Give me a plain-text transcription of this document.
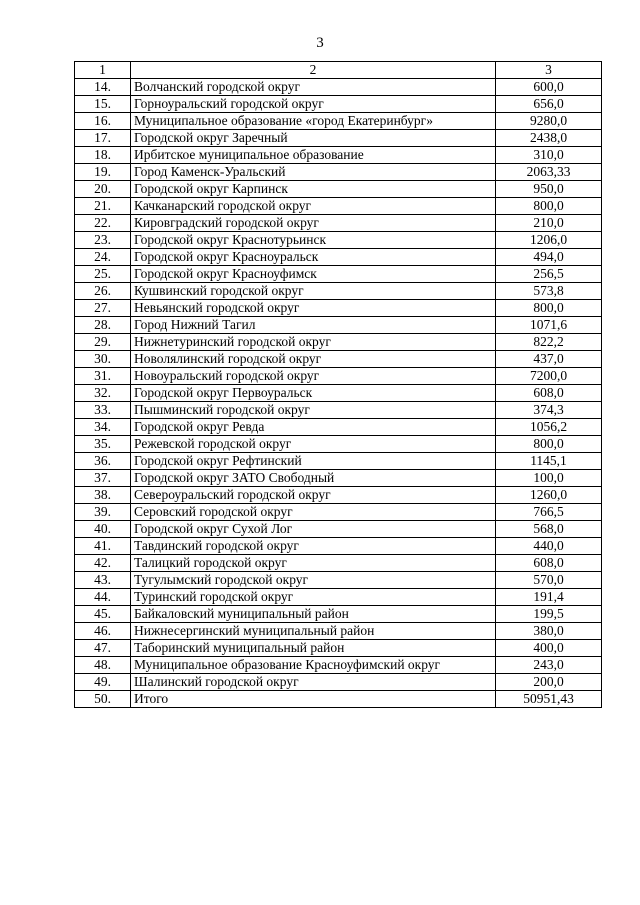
3
1	2	3
14.	Волчанский городской округ	600,0
15.	Горноуральский городской округ	656,0
16.	Муниципальное образование «город Екатеринбург»	9280,0
17.	Городской округ Заречный	2438,0
18.	Ирбитское муниципальное образование	310,0
19.	Город Каменск-Уральский	2063,33
20.	Городской округ Карпинск	950,0
21.	Качканарский городской округ	800,0
22.	Кировградский городской округ	210,0
23.	Городской округ Краснотурьинск	1206,0
24.	Городской округ Красноуральск	494,0
25.	Городской округ Красноуфимск	256,5
26.	Кушвинский городской округ	573,8
27.	Невьянский городской округ	800,0
28.	Город Нижний Тагил	1071,6
29.	Нижнетуринский городской округ	822,2
30.	Новолялинский городской округ	437,0
31.	Новоуральский городской округ	7200,0
32.	Городской округ Первоуральск	608,0
33.	Пышминский городской округ	374,3
34.	Городской округ Ревда	1056,2
35.	Режевской городской округ	800,0
36.	Городской округ Рефтинский	1145,1
37.	Городской округ ЗАТО Свободный	100,0
38.	Североуральский городской округ	1260,0
39.	Серовский городской округ	766,5
40.	Городской округ Сухой Лог	568,0
41.	Тавдинский городской округ	440,0
42.	Талицкий городской округ	608,0
43.	Тугулымский городской округ	570,0
44.	Туринский городской округ	191,4
45.	Байкаловский муниципальный район	199,5
46.	Нижнесергинский муниципальный район	380,0
47.	Таборинский муниципальный район	400,0
48.	Муниципальное образование Красноуфимский округ	243,0
49.	Шалинский городской округ	200,0
50.	Итого	50951,43
